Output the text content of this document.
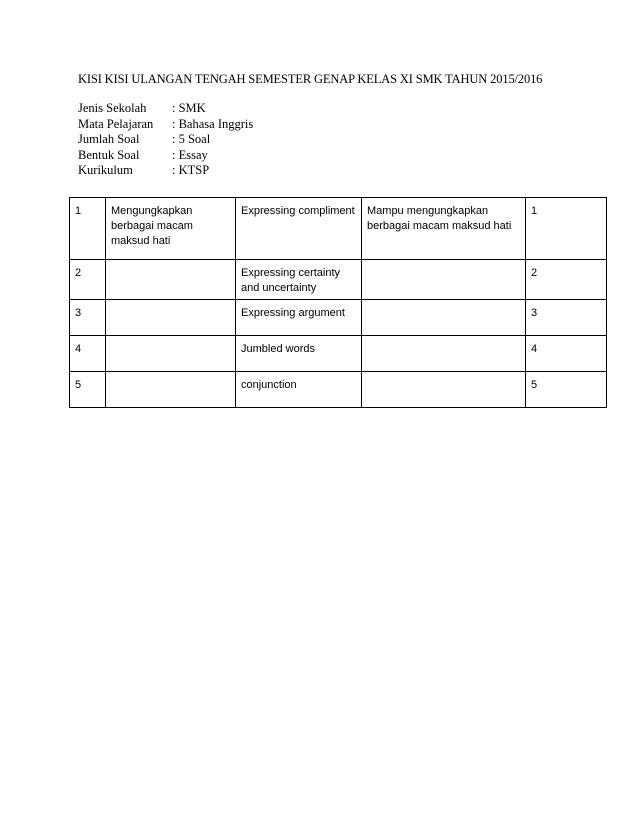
KISI KISI ULANGAN TENGAH SEMESTER GENAP KELAS XI SMK TAHUN 2015/2016
Jenis Sekolah	: SMK
Mata Pelajaran	: Bahasa Inggris
Jumlah Soal	: 5 Soal
Bentuk Soal	: Essay
Kurikulum	: KTSP
1	Mengungkapkan berbagai macam maksud hati	Expressing compliment	Mampu mengungkapkan berbagai macam maksud hati	1
2		Expressing certainty and uncertainty		2
3		Expressing argument		3
4		Jumbled words		4
5		conjunction		5
